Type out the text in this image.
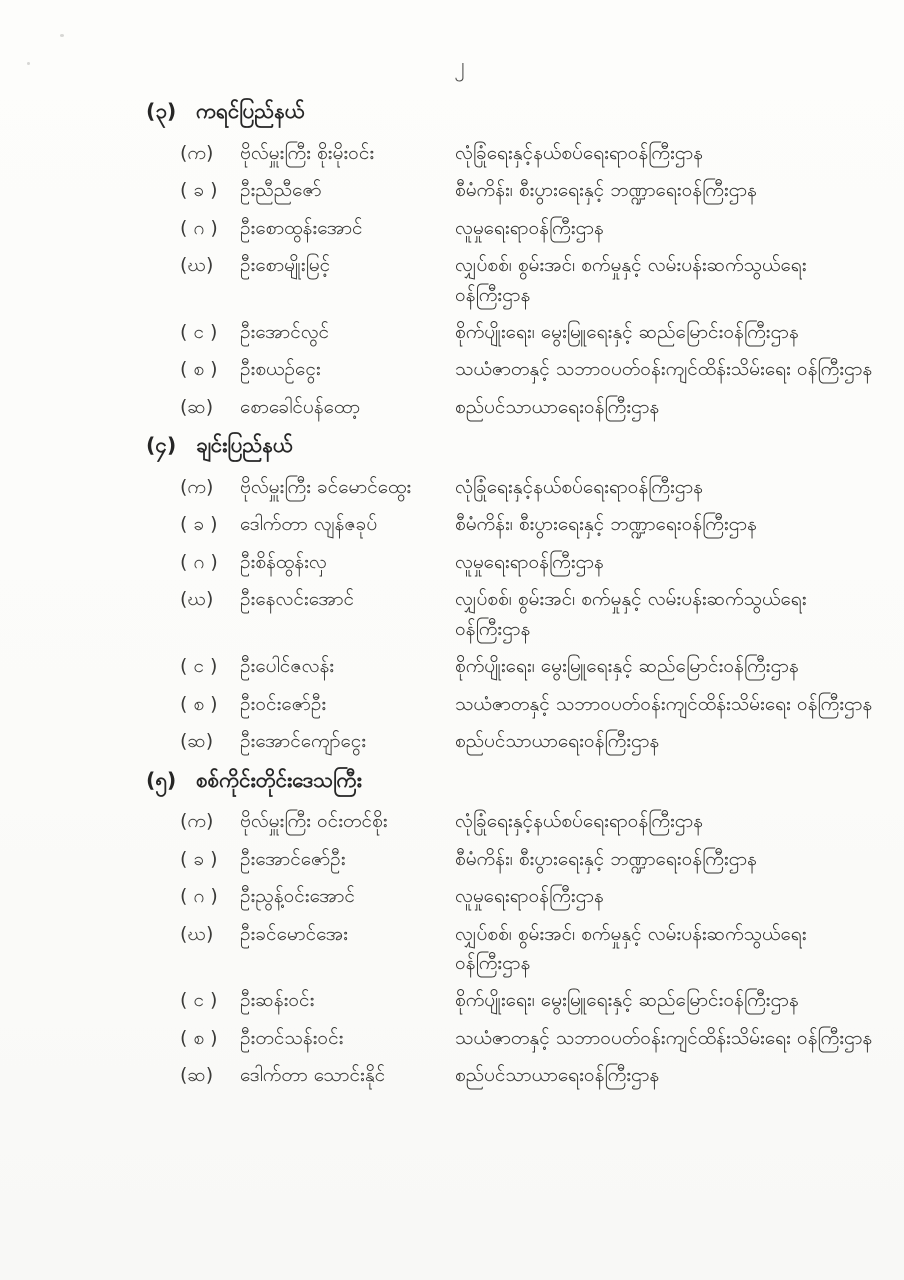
၂
(၃) ကရင်ပြည်နယ်
(က)	ဗိုလ်မှူးကြီး စိုးမိုးဝင်း	လုံခြုံရေးနှင့်နယ်စပ်ရေးရာဝန်ကြီးဌာန
( ခ )	ဦးညီညီဇော်	စီမံကိန်း၊ စီးပွားရေးနှင့် ဘဏ္ဍာရေးဝန်ကြီးဌာန
( ဂ )	ဦးစောထွန်းအောင်	လူမှုရေးရာဝန်ကြီးဌာန
(ဃ)	ဦးစောမျိုးမြင့်	လျှပ်စစ်၊ စွမ်းအင်၊ စက်မှုနှင့် လမ်းပန်းဆက်သွယ်ရေး ဝန်ကြီးဌာန
( င )	ဦးအောင်လွင်	စိုက်ပျိုးရေး၊ မွေးမြူရေးနှင့် ဆည်မြောင်းဝန်ကြီးဌာန
( စ )	ဦးစယဉ်ငွေး	သယံဇာတနှင့် သဘာဝပတ်ဝန်းကျင်ထိန်းသိမ်းရေး ဝန်ကြီးဌာန
(ဆ)	စောခေါင်ပန်ထော့	စည်ပင်သာယာရေးဝန်ကြီးဌာန
(၄) ချင်းပြည်နယ်
(က)	ဗိုလ်မှူးကြီး ခင်မောင်ထွေး	လုံခြုံရေးနှင့်နယ်စပ်ရေးရာဝန်ကြီးဌာန
( ခ )	ဒေါက်တာ လျန်ဇခုပ်	စီမံကိန်း၊ စီးပွားရေးနှင့် ဘဏ္ဍာရေးဝန်ကြီးဌာန
( ဂ )	ဦးစိန်ထွန်းလှ	လူမှုရေးရာဝန်ကြီးဌာန
(ဃ)	ဦးနေလင်းအောင်	လျှပ်စစ်၊ စွမ်းအင်၊ စက်မှုနှင့် လမ်းပန်းဆက်သွယ်ရေး ဝန်ကြီးဌာန
( င )	ဦးပေါင်ဇလန်း	စိုက်ပျိုးရေး၊ မွေးမြူရေးနှင့် ဆည်မြောင်းဝန်ကြီးဌာန
( စ )	ဦးဝင်းဇော်ဦး	သယံဇာတနှင့် သဘာဝပတ်ဝန်းကျင်ထိန်းသိမ်းရေး ဝန်ကြီးဌာန
(ဆ)	ဦးအောင်ကျော်ငွေး	စည်ပင်သာယာရေးဝန်ကြီးဌာန
(၅) စစ်ကိုင်းတိုင်းဒေသကြီး
(က)	ဗိုလ်မှူးကြီး ဝင်းတင်စိုး	လုံခြုံရေးနှင့်နယ်စပ်ရေးရာဝန်ကြီးဌာန
( ခ )	ဦးအောင်ဇော်ဦး	စီမံကိန်း၊ စီးပွားရေးနှင့် ဘဏ္ဍာရေးဝန်ကြီးဌာန
( ဂ )	ဦးညွန့်ဝင်းအောင်	လူမှုရေးရာဝန်ကြီးဌာန
(ဃ)	ဦးခင်မောင်အေး	လျှပ်စစ်၊ စွမ်းအင်၊ စက်မှုနှင့် လမ်းပန်းဆက်သွယ်ရေး ဝန်ကြီးဌာန
( င )	ဦးဆန်းဝင်း	စိုက်ပျိုးရေး၊ မွေးမြူရေးနှင့် ဆည်မြောင်းဝန်ကြီးဌာန
( စ )	ဦးတင်သန်းဝင်း	သယံဇာတနှင့် သဘာဝပတ်ဝန်းကျင်ထိန်းသိမ်းရေး ဝန်ကြီးဌာန
(ဆ)	ဒေါက်တာ သောင်းနိုင်	စည်ပင်သာယာရေးဝန်ကြီးဌာန
